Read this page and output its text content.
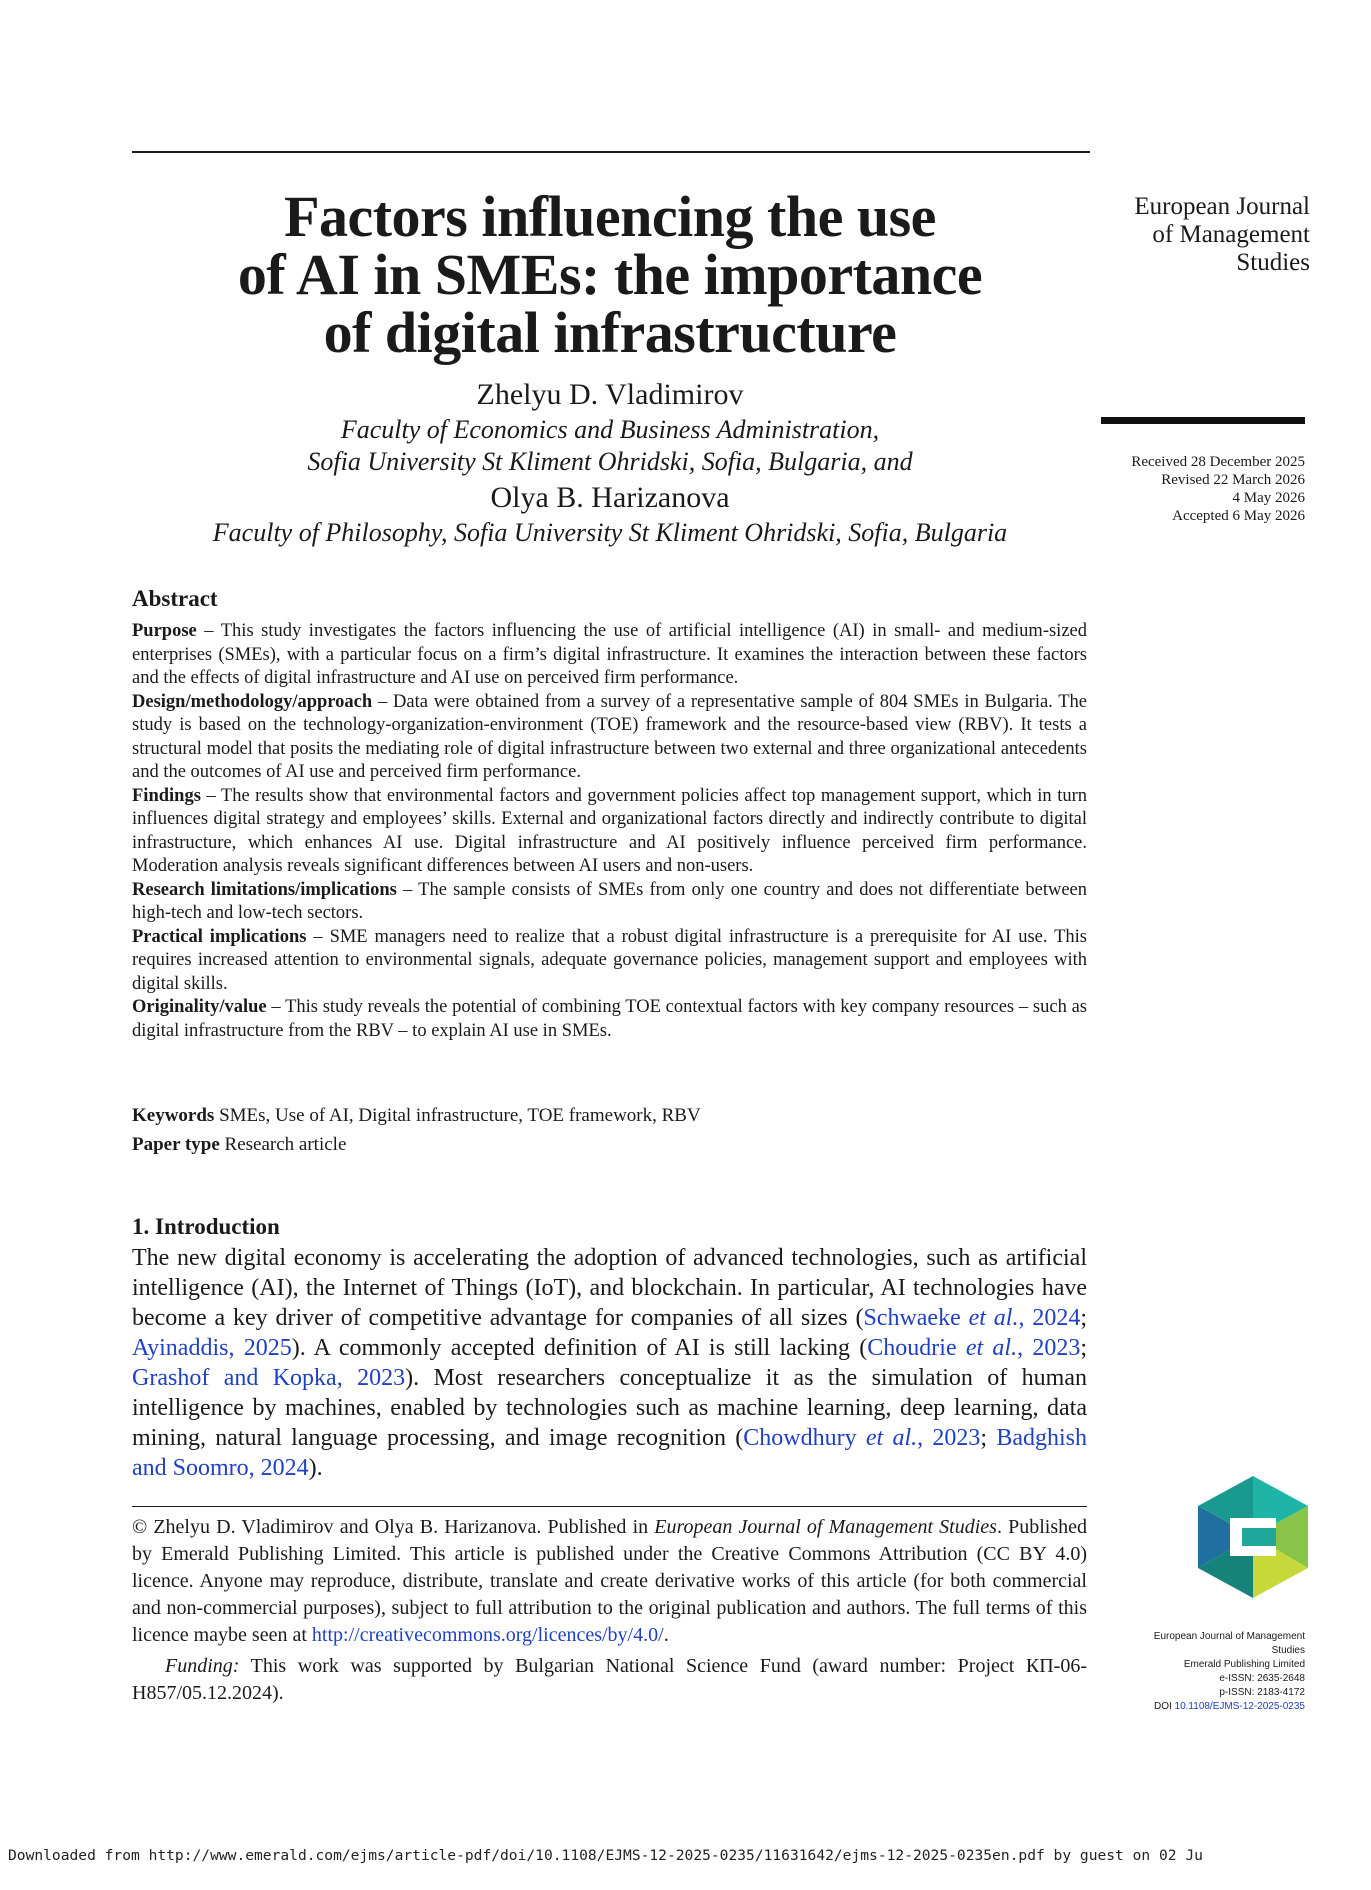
Factors influencing the use
of AI in SMEs: the importance
of digital infrastructure
European Journal
of Management
Studies
Received 28 December 2025
Revised 22 March 2026
4 May 2026
Accepted 6 May 2026
Zhelyu D. Vladimirov
Faculty of Economics and Business Administration,
Sofia University St Kliment Ohridski, Sofia, Bulgaria, and
Olya B. Harizanova
Faculty of Philosophy, Sofia University St Kliment Ohridski, Sofia, Bulgaria
Abstract

Purpose – This study investigates the factors influencing the use of artificial intelligence (AI) in small- and medium-sized enterprises (SMEs), with a particular focus on a firm’s digital infrastructure. It examines the interaction between these factors and the effects of digital infrastructure and AI use on perceived firm performance.

Design/methodology/approach – Data were obtained from a survey of a representative sample of 804 SMEs in Bulgaria. The study is based on the technology-organization-environment (TOE) framework and the resource-based view (RBV). It tests a structural model that posits the mediating role of digital infrastructure between two external and three organizational antecedents and the outcomes of AI use and perceived firm performance.

Findings – The results show that environmental factors and government policies affect top management support, which in turn influences digital strategy and employees’ skills. External and organizational factors directly and indirectly contribute to digital infrastructure, which enhances AI use. Digital infrastructure and AI positively influence perceived firm performance. Moderation analysis reveals significant differences between AI users and non-users.

Research limitations/implications – The sample consists of SMEs from only one country and does not differentiate between high-tech and low-tech sectors.

Practical implications – SME managers need to realize that a robust digital infrastructure is a prerequisite for AI use. This requires increased attention to environmental signals, adequate governance policies, management support and employees with digital skills.

Originality/value – This study reveals the potential of combining TOE contextual factors with key company resources – such as digital infrastructure from the RBV – to explain AI use in SMEs.

Keywords SMEs, Use of AI, Digital infrastructure, TOE framework, RBV
Paper type Research article
1. Introduction

The new digital economy is accelerating the adoption of advanced technologies, such as artificial intelligence (AI), the Internet of Things (IoT), and blockchain. In particular, AI technologies have become a key driver of competitive advantage for companies of all sizes (Schwaeke et al., 2024; Ayinaddis, 2025). A commonly accepted definition of AI is still lacking (Choudrie et al., 2023; Grashof and Kopka, 2023). Most researchers conceptualize it as the simulation of human intelligence by machines, enabled by technologies such as machine learning, deep learning, data mining, natural language processing, and image recognition (Chowdhury et al., 2023; Badghish and Soomro, 2024).

© Zhelyu D. Vladimirov and Olya B. Harizanova. Published in European Journal of Management Studies. Published by Emerald Publishing Limited. This article is published under the Creative Commons Attribution (CC BY 4.0) licence. Anyone may reproduce, distribute, translate and create derivative works of this article (for both commercial and non-commercial purposes), subject to full attribution to the original publication and authors. The full terms of this licence maybe seen at http://creativecommons.org/licences/by/4.0/.

Funding: This work was supported by Bulgarian National Science Fund (award number: Project КП-06-Н857/05.12.2024).

European Journal of Management
Studies
Emerald Publishing Limited
e-ISSN: 2635-2648
p-ISSN: 2183-4172
DOI 10.1108/EJMS-12-2025-0235
Downloaded from http://www.emerald.com/ejms/article-pdf/doi/10.1108/EJMS-12-2025-0235/11631642/ejms-12-2025-0235en.pdf by guest on 02 Ju
